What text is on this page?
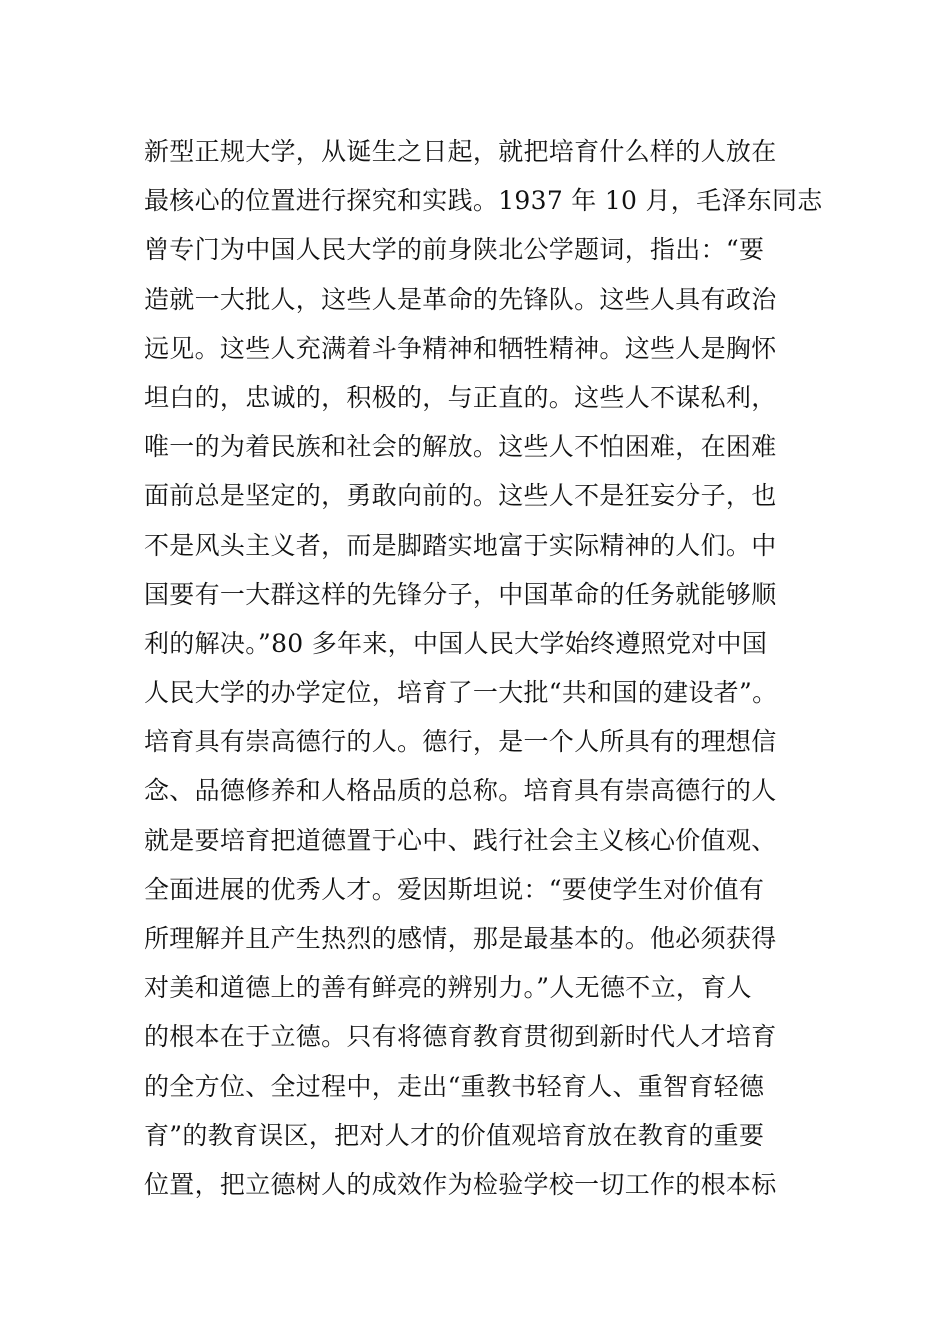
新型正规大学，从诞生之日起，就把培育什么样的人放在
最核心的位置进行探究和实践。1937 年 10 月，毛泽东同志
曾专门为中国人民大学的前身陕北公学题词，指出：“要
造就一大批人，这些人是革命的先锋队。这些人具有政治
远见。这些人充满着斗争精神和牺牲精神。这些人是胸怀
坦白的，忠诚的，积极的，与正直的。这些人不谋私利，
唯一的为着民族和社会的解放。这些人不怕困难，在困难
面前总是坚定的，勇敢向前的。这些人不是狂妄分子，也
不是风头主义者，而是脚踏实地富于实际精神的人们。中
国要有一大群这样的先锋分子，中国革命的任务就能够顺
利的解决。”80 多年来，中国人民大学始终遵照党对中国
人民大学的办学定位，培育了一大批“共和国的建设者”。
培育具有崇高德行的人。德行，是一个人所具有的理想信
念、品德修养和人格品质的总称。培育具有崇高德行的人
就是要培育把道德置于心中、践行社会主义核心价值观、
全面进展的优秀人才。爱因斯坦说：“要使学生对价值有
所理解并且产生热烈的感情，那是最基本的。他必须获得
对美和道德上的善有鲜亮的辨别力。”人无德不立，育人
的根本在于立德。只有将德育教育贯彻到新时代人才培育
的全方位、全过程中，走出“重教书轻育人、重智育轻德
育”的教育误区，把对人才的价值观培育放在教育的重要
位置，把立德树人的成效作为检验学校一切工作的根本标
